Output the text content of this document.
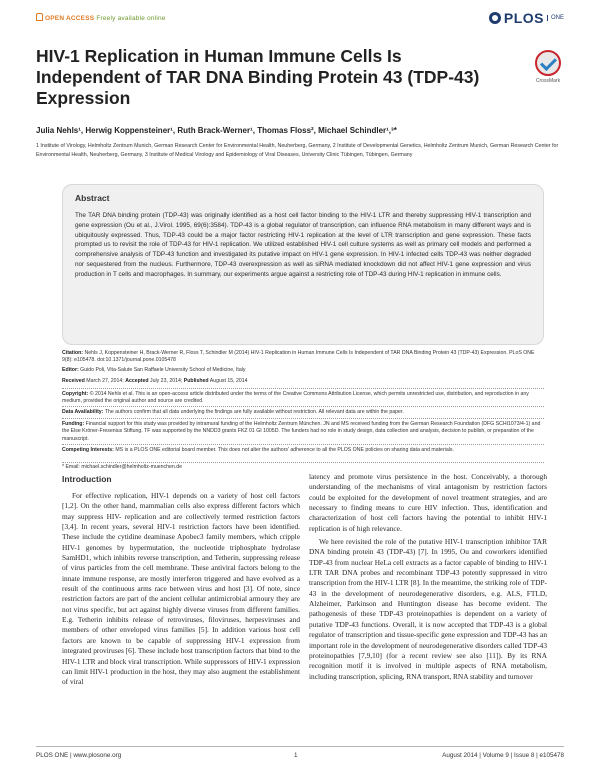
OPEN ACCESS Freely available online	PLOS	ONE
HIV-1 Replication in Human Immune Cells Is Independent of TAR DNA Binding Protein 43 (TDP-43) Expression
CrossMark
Julia Nehls¹, Herwig Koppensteiner¹, Ruth Brack-Werner¹, Thomas Floss², Michael Schindler¹,³*
1 Institute of Virology, Helmholtz Zentrum Munich, German Research Center for Environmental Health, Neuherberg, Germany, 2 Institute of Developmental Genetics, Helmholtz Zentrum Munich, German Research Center for Environmental Health, Neuherberg, Germany, 3 Institute of Medical Virology and Epidemiology of Viral Diseases, University Clinic Tübingen, Tübingen, Germany
Abstract
The TAR DNA binding protein (TDP-43) was originally identified as a host cell factor binding to the HIV-1 LTR and thereby suppressing HIV-1 transcription and gene expression (Ou et al., J.Virol. 1995, 69(6):3584). TDP-43 is a global regulator of transcription, can influence RNA metabolism in many different ways and is ubiquitously expressed. Thus, TDP-43 could be a major factor restricting HIV-1 replication at the level of LTR transcription and gene expression. These facts prompted us to revisit the role of TDP-43 for HIV-1 replication. We utilized established HIV-1 cell culture systems as well as primary cell models and performed a comprehensive analysis of TDP-43 function and investigated its putative impact on HIV-1 gene expression. In HIV-1 infected cells TDP-43 was neither degraded nor sequestered from the nucleus. Furthermore, TDP-43 overexpression as well as siRNA mediated knockdown did not affect HIV-1 gene expression and virus production in T cells and macrophages. In summary, our experiments argue against a restricting role of TDP-43 during HIV-1 replication in immune cells.
Citation: Nehls J, Koppensteiner H, Brack-Werner R, Floss T, Schindler M (2014) HIV-1 Replication in Human Immune Cells Is Independent of TAR DNA Binding Protein 43 (TDP-43) Expression. PLoS ONE 9(8): e105478. doi:10.1371/journal.pone.0105478
Editor: Guido Poli, Vita-Salute San Raffaele University School of Medicine, Italy
Received March 27, 2014; Accepted July 23, 2014; Published August 15, 2014
Copyright: © 2014 Nehls et al. This is an open-access article distributed under the terms of the Creative Commons Attribution License, which permits unrestricted use, distribution, and reproduction in any medium, provided the original author and source are credited.
Data Availability: The authors confirm that all data underlying the findings are fully available without restriction. All relevant data are within the paper.
Funding: Financial support for this study was provided by intramural funding of the Helmholtz Zentrum München. JN and MS received funding from the German Research Foundation (DFG SCHI1073/4-1) and the Else Kröner-Fresenius Stiftung. TF was supported by the NNDD3 grants FKZ 01 GI 1005D. The funders had no role in study design, data collection and analysis, decision to publish, or preparation of the manuscript.
Competing Interests: MS is a PLOS ONE editorial board member. This does not alter the authors' adherence to all the PLOS ONE policies on sharing data and materials.
* Email: michael.schindler@helmholtz-muenchen.de
Introduction

For effective replication, HIV-1 depends on a variety of host cell factors [1,2]. On the other hand, mammalian cells also express different factors which may suppress HIV- replication and are collectively termed restriction factors [3,4]. In recent years, several HIV-1 restriction factors have been identified. These include the cytidine deaminase Apobec3 family members, which cripple HIV-1 genomes by hypermutation, the nucleotide triphosphate hydrolase SamHD1, which inhibits reverse transcription, and Tetherin, suppressing release of virus particles from the cell membrane. These antiviral factors belong to the innate immune response, are mostly interferon triggered and have evolved as a result of the continuous arms race between virus and host [3]. Of note, since restriction factors are part of the ancient cellular antimicrobial armoury they are not virus specific, but act against highly diverse viruses from different families. E.g. Tetherin inhibits release of retroviruses, filoviruses, herpesviruses and members of other enveloped virus families [5]. In addition various host cell factors are known to be capable of suppressing HIV-1 expression from integrated proviruses [6]. These include host transcription factors that bind to the HIV-1 LTR and block viral transcription. While suppressors of HIV-1 expression can limit HIV-1 production in the host, they may also augment the establishment of viral

latency and promote virus persistence in the host. Conceivably, a thorough understanding of the mechanisms of viral antagonism by restriction factors could be exploited for the development of novel treatment strategies, and are necessary to finding means to cure HIV infection. Thus, identification and characterization of host cell factors having the potential to inhibit HIV-1 replication is of high relevance.

We here revisited the role of the putative HIV-1 transcription inhibitor TAR DNA binding protein 43 (TDP-43) [7]. In 1995, Ou and coworkers identified TDP-43 from nuclear HeLa cell extracts as a factor capable of binding to HIV-1 LTR TAR DNA probes and recombinant TDP-43 potently suppressed in vitro transcription from the HIV-1 LTR [8]. In the meantime, the striking role of TDP-43 in the development of neurodegenerative disorders, e.g. ALS, FTLD, Alzheimer, Parkinson and Huntington disease has become evident. The pathogenesis of these TDP-43 proteinopathies is dependent on a variety of putative TDP-43 functions. Overall, it is now accepted that TDP-43 is a global regulator of transcription and tissue-specific gene expression and TDP-43 has an important role in the development of neurodegenerative disorders called TDP-43 proteinopathies [7,9,10] (for a recent review see also [11]). By its RNA recognition motif it is involved in multiple aspects of RNA metabolism, including transcription, splicing, RNA transport, RNA stability and turnover

PLOS ONE | www.plosone.org	1	August 2014 | Volume 9 | Issue 8 | e105478
